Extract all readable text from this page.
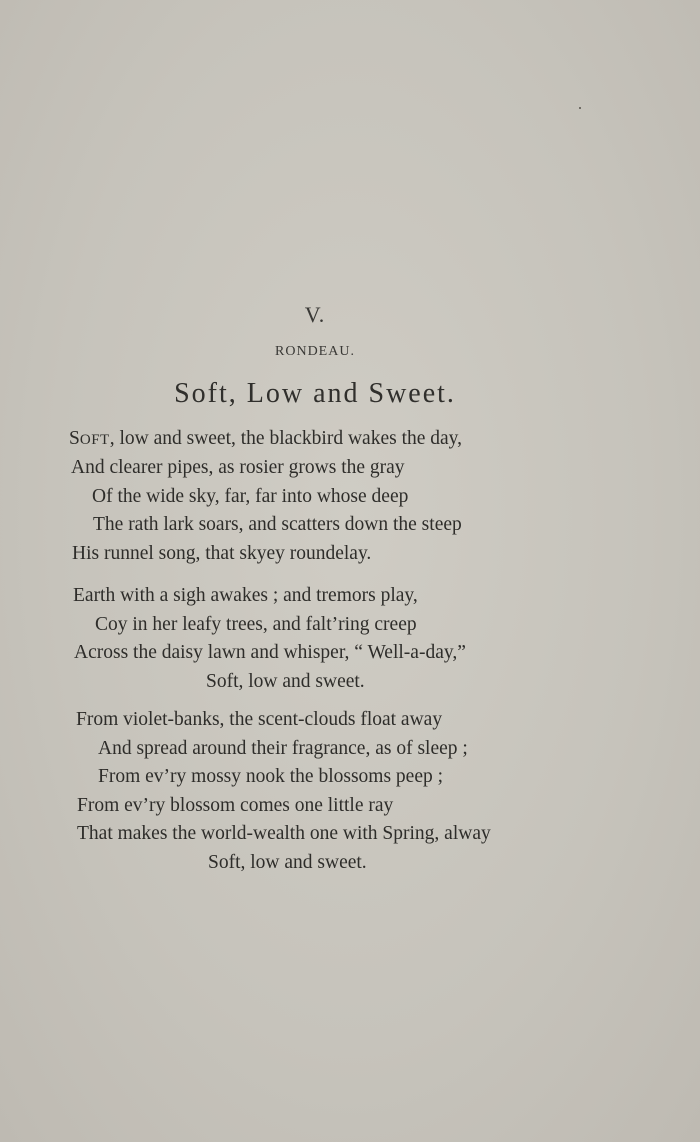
V.
RONDEAU.
Soft, Low and Sweet.
SOFT, low and sweet, the blackbird wakes the day,
And clearer pipes, as rosier grows the gray
Of the wide sky, far, far into whose deep
The rath lark soars, and scatters down the steep
His runnel song, that skyey roundelay.
Earth with a sigh awakes ; and tremors play,
Coy in her leafy trees, and falt’ring creep
Across the daisy lawn and whisper, “ Well-a-day,”
Soft, low and sweet.
From violet-banks, the scent-clouds float away
And spread around their fragrance, as of sleep ;
From ev’ry mossy nook the blossoms peep ;
From ev’ry blossom comes one little ray
That makes the world-wealth one with Spring, alway
Soft, low and sweet.
